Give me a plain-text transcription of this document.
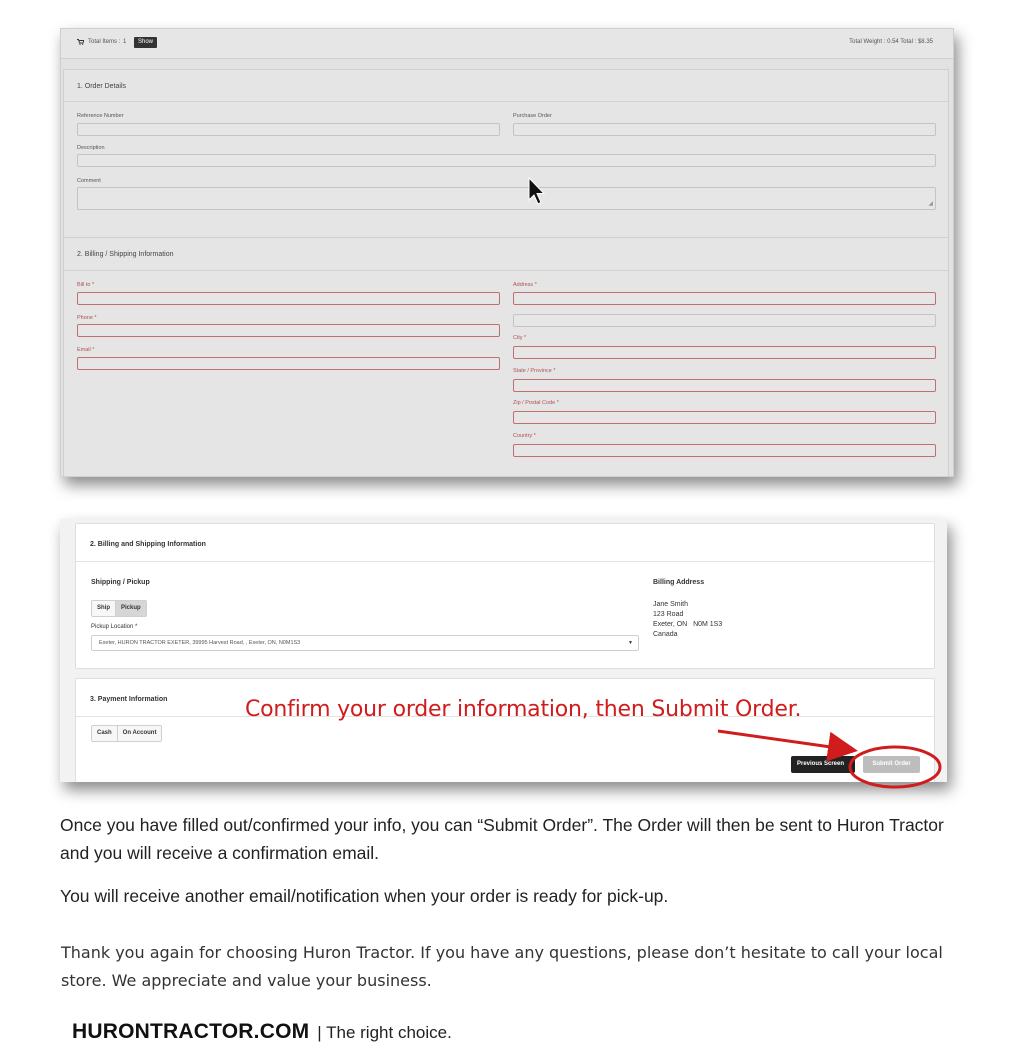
Total Items : 1	Show	Total Weight : 0.54 Total : $8.35
1. Order Details
Reference Number	Purchase Order
Description
Comment
◢
2. Billing / Shipping Information
Bill to *
Phone *
Email *
Address *
City *
State / Province *
Zip / Postal Code *
Country *
2. Billing and Shipping Information
Shipping / Pickup
Ship	Pickup
Pickup Location *
Exeter, HURON TRACTOR EXETER, 39995 Harvest Road, , Exeter, ON, N0M1S3	▼
Billing Address
Jane Smith
123 Road
Exeter, ON   N0M 1S3
Canada
3. Payment Information
Cash	On Account
Previous Screen	Submit Order
Confirm your order information, then Submit Order.
Once you have filled out/confirmed your info, you can “Submit Order”. The Order will then be sent to Huron Tractor and you will receive a confirmation email.
You will receive another email/notification when your order is ready for pick-up.
Thank you again for choosing Huron Tractor. If you have any questions, please don’t hesitate to call your local store. We appreciate and value your business.
HURONTRACTOR.COM | The right choice.
